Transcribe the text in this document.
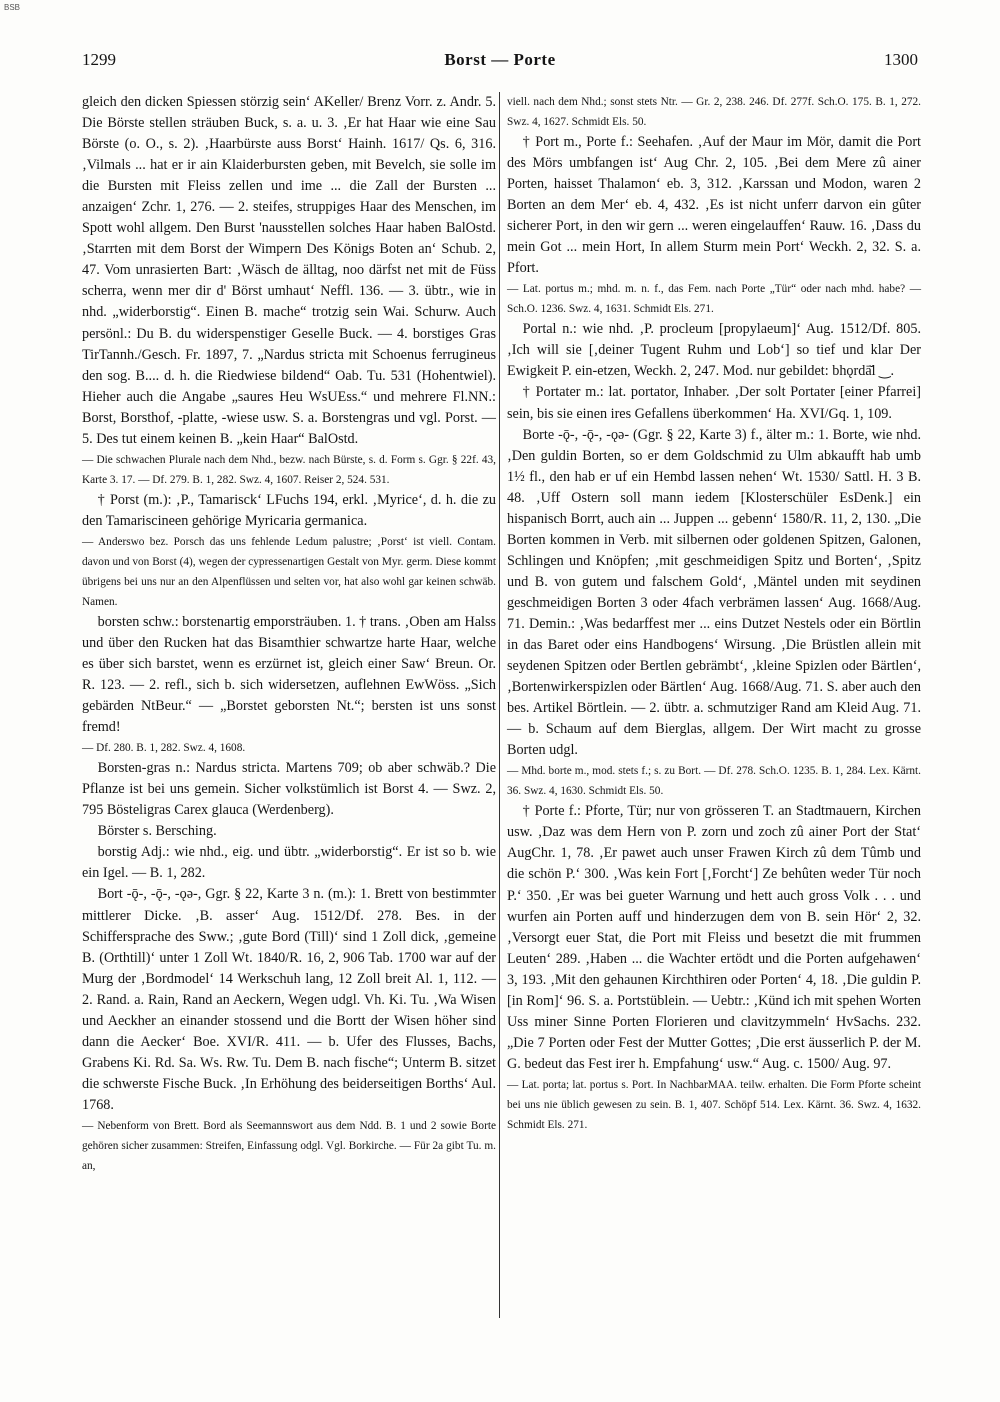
BSB
1299	Borst — Porte	1300

gleich den dicken Spiessen störzig sein‘ AKeller/ Brenz Vorr. z. Andr. 5. Die Börste stellen sträuben Buck, s. a. u. 3. ‚Er hat Haar wie eine Sau Börste (o. O., s. 2). ‚Haarbürste auss Borst‘ Hainh. 1617/ Qs. 6, 316. ‚Vilmals ... hat er ir ain Klaiderbursten geben, mit Bevelch, sie solle im die Bursten mit Fleiss zellen und ime ... die Zall der Bursten ... anzaigen‘ Zchr. 1, 276. — 2. steifes, struppiges Haar des Menschen, im Spott wohl allgem. Den Burst 'nausstellen solches Haar haben BalOstd. ‚Starrten mit dem Borst der Wimpern Des Königs Boten an‘ Schub. 2, 47. Vom unrasierten Bart: ‚Wäsch de älltag, noo därfst net mit de Füss scherra, wenn mer dir d' Börst umhaut‘ Neffl. 136. — 3. übtr., wie in nhd. „widerborstig“. Einen B. mache“ trotzig sein Wai. Schurw. Auch persönl.: Du B. du widerspenstiger Geselle Buck. — 4. borstiges Gras TirTannh./Gesch. Fr. 1897, 7. „Nardus stricta mit Schoenus ferrugineus den sog. B.... d. h. die Riedwiese bildend“ Oab. Tu. 531 (Hohentwiel). Hieher auch die Angabe „saures Heu WsUEss.“ und mehrere Fl.NN.: Borst, Borsthof, -platte, -wiese usw. S. a. Borstengras und vgl. Porst. — 5. Des tut einem keinen B. „kein Haar“ BalOstd.

— Die schwachen Plurale nach dem Nhd., bezw. nach Bürste, s. d. Form s. Ggr. § 22f. 43, Karte 3. 17. — Df. 279. B. 1, 282. Swz. 4, 1607. Reiser 2, 524. 531.

† Porst (m.): ‚P., Tamarisck‘ LFuchs 194, erkl. ‚Myrice‘, d. h. die zu den Tamariscineen gehörige Myricaria germanica.

— Anderswo bez. Porsch das uns fehlende Ledum palustre; ‚Porst‘ ist viell. Contam. davon und von Borst (4), wegen der cypressenartigen Gestalt von Myr. germ. Diese kommt übrigens bei uns nur an den Alpenflüssen und selten vor, hat also wohl gar keinen schwäb. Namen.

borsten schw.: borstenartig emporsträuben. 1. † trans. ‚Oben am Halss und über den Rucken hat das Bisamthier schwartze harte Haar, welche es über sich barstet, wenn es erzürnet ist, gleich einer Saw‘ Breun. Or. R. 123. — 2. refl., sich b. sich widersetzen, auflehnen EwWöss. „Sich gebärden NtBeur.“ — „Borstet geborsten Nt.“; bersten ist uns sonst fremd!

— Df. 280. B. 1, 282. Swz. 4, 1608.

Borsten-gras n.: Nardus stricta. Martens 709; ob aber schwäb.? Die Pflanze ist bei uns gemein. Sicher volkstümlich ist Borst 4. — Swz. 2, 795 Bösteligras Carex glauca (Werdenberg).

Börster s. Bersching.

borstig Adj.: wie nhd., eig. und übtr. „widerborstig“. Er ist so b. wie ein Igel. — B. 1, 282.

Bort -ǭ-, -ǭ-, -ǫə-, Ggr. § 22, Karte 3 n. (m.): 1. Brett von bestimmter mittlerer Dicke. ‚B. asser‘ Aug. 1512/Df. 278. Bes. in der Schiffersprache des Sww.; ‚gute Bord (Till)‘ sind 1 Zoll dick, ‚gemeine B. (Orthtill)‘ unter 1 Zoll Wt. 1840/R. 16, 2, 906 Tab. 1700 war auf der Murg der ‚Bordmodel‘ 14 Werkschuh lang, 12 Zoll breit Al. 1, 112. — 2. Rand. a. Rain, Rand an Aeckern, Wegen udgl. Vh. Ki. Tu. ‚Wa Wisen und Aeckher an einander stossend und die Bortt der Wisen höher sind dann die Aecker‘ Boe. XVI/R. 411. — b. Ufer des Flusses, Bachs, Grabens Ki. Rd. Sa. Ws. Rw. Tu. Dem B. nach fische“; Unterm B. sitzet die schwerste Fische Buck. ‚In Erhöhung des beiderseitigen Borths‘ Aul. 1768.

— Nebenform von Brett. Bord als Seemannswort aus dem Ndd. B. 1 und 2 sowie Borte gehören sicher zusammen: Streifen, Einfassung odgl. Vgl. Borkirche. — Für 2a gibt Tu. m. an,

viell. nach dem Nhd.; sonst stets Ntr. — Gr. 2, 238. 246. Df. 277f. Sch.O. 175. B. 1, 272. Swz. 4, 1627. Schmidt Els. 50.

† Port m., Porte f.: Seehafen. ‚Auf der Maur im Mör, damit die Port des Mörs umbfangen ist‘ Aug Chr. 2, 105. ‚Bei dem Mere zû ainer Porten, haisset Thalamon‘ eb. 3, 312. ‚Karssan und Modon, waren 2 Borten an dem Mer‘ eb. 4, 432. ‚Es ist nicht unferr darvon ein gûter sicherer Port, in den wir gern ... weren eingelauffen‘ Rauw. 16. ‚Dass du mein Got ... mein Hort, In allem Sturm mein Port‘ Weckh. 2, 32. S. a. Pfort.

— Lat. portus m.; mhd. m. n. f., das Fem. nach Porte „Tür“ oder nach mhd. habe? — Sch.O. 1236. Swz. 4, 1631. Schmidt Els. 271.

Portal n.: wie nhd. ‚P. procleum [propylaeum]‘ Aug. 1512/Df. 805. ‚Ich will sie [‚deiner Tugent Ruhm und Lob‘] so tief und klar Der Ewigkeit P. ein-etzen, Weckh. 2, 247. Mod. nur gebildet: bhǫrdā̆l ‿.

† Portater m.: lat. portator, Inhaber. ‚Der solt Portater [einer Pfarrei] sein, bis sie einen ires Gefallens überkommen‘ Ha. XVI/Gq. 1, 109.

Borte -ǭ-, -ǭ-, -ǫə- (Ggr. § 22, Karte 3) f., älter m.: 1. Borte, wie nhd. ‚Den guldin Borten, so er dem Goldschmid zu Ulm abkaufft hab umb 1½ fl., den hab er uf ein Hembd lassen nehen‘ Wt. 1530/ Sattl. H. 3 B. 48. ‚Uff Ostern soll mann iedem [Klosterschüler EsDenk.] ein hispanisch Borrt, auch ain ... Juppen ... gebenn‘ 1580/R. 11, 2, 130. „Die Borten kommen in Verb. mit silbernen oder goldenen Spitzen, Galonen, Schlingen und Knöpfen; ‚mit geschmeidigen Spitz und Borten‘, ‚Spitz und B. von gutem und falschem Gold‘, ‚Mäntel unden mit seydinen geschmeidigen Borten 3 oder 4fach verbrämen lassen‘ Aug. 1668/Aug. 71. Demin.: ‚Was bedarffest mer ... eins Dutzet Nestels oder ein Börtlin in das Baret oder eins Handbogens‘ Wirsung. ‚Die Brüstlen allein mit seydenen Spitzen oder Bertlen gebrämbt‘, ‚kleine Spizlen oder Bärtlen‘, ‚Bortenwirkerspizlen oder Bärtlen‘ Aug. 1668/Aug. 71. S. aber auch den bes. Artikel Börtlein. — 2. übtr. a. schmutziger Rand am Kleid Aug. 71. — b. Schaum auf dem Bierglas, allgem. Der Wirt macht zu grosse Borten udgl.

— Mhd. borte m., mod. stets f.; s. zu Bort. — Df. 278. Sch.O. 1235. B. 1, 284. Lex. Kärnt. 36. Swz. 4, 1630. Schmidt Els. 50.

† Porte f.: Pforte, Tür; nur von grösseren T. an Stadtmauern, Kirchen usw. ‚Daz was dem Hern von P. zorn und zoch zû ainer Port der Stat‘ AugChr. 1, 78. ‚Er pawet auch unser Frawen Kirch zû dem Tûmb und die schön P.‘ 300. ‚Was kein Fort [‚Forcht‘] Ze behûten weder Tür noch P.‘ 350. ‚Er was bei gueter Warnung und hett auch gross Volk . . . und wurfen ain Porten auff und hinderzugen dem von B. sein Hör‘ 2, 32. ‚Versorgt euer Stat, die Port mit Fleiss und besetzt die mit frummen Leuten‘ 289. ‚Haben ... die Wachter ertödt und die Porten aufgehawen‘ 3, 193. ‚Mit den gehaunen Kirchthiren oder Porten‘ 4, 18. ‚Die guldin P. [in Rom]‘ 96. S. a. Portstüblein. — Uebtr.: ‚Künd ich mit spehen Worten Uss miner Sinne Porten Florieren und clavitzymmeln‘ HvSachs. 232. „Die 7 Porten oder Fest der Mutter Gottes; ‚Die erst äusserlich P. der M. G. bedeut das Fest irer h. Empfahung‘ usw.“ Aug. c. 1500/ Aug. 97.

— Lat. porta; lat. portus s. Port. In NachbarMAA. teilw. erhalten. Die Form Pforte scheint bei uns nie üblich gewesen zu sein. B. 1, 407. Schöpf 514. Lex. Kärnt. 36. Swz. 4, 1632. Schmidt Els. 271.
